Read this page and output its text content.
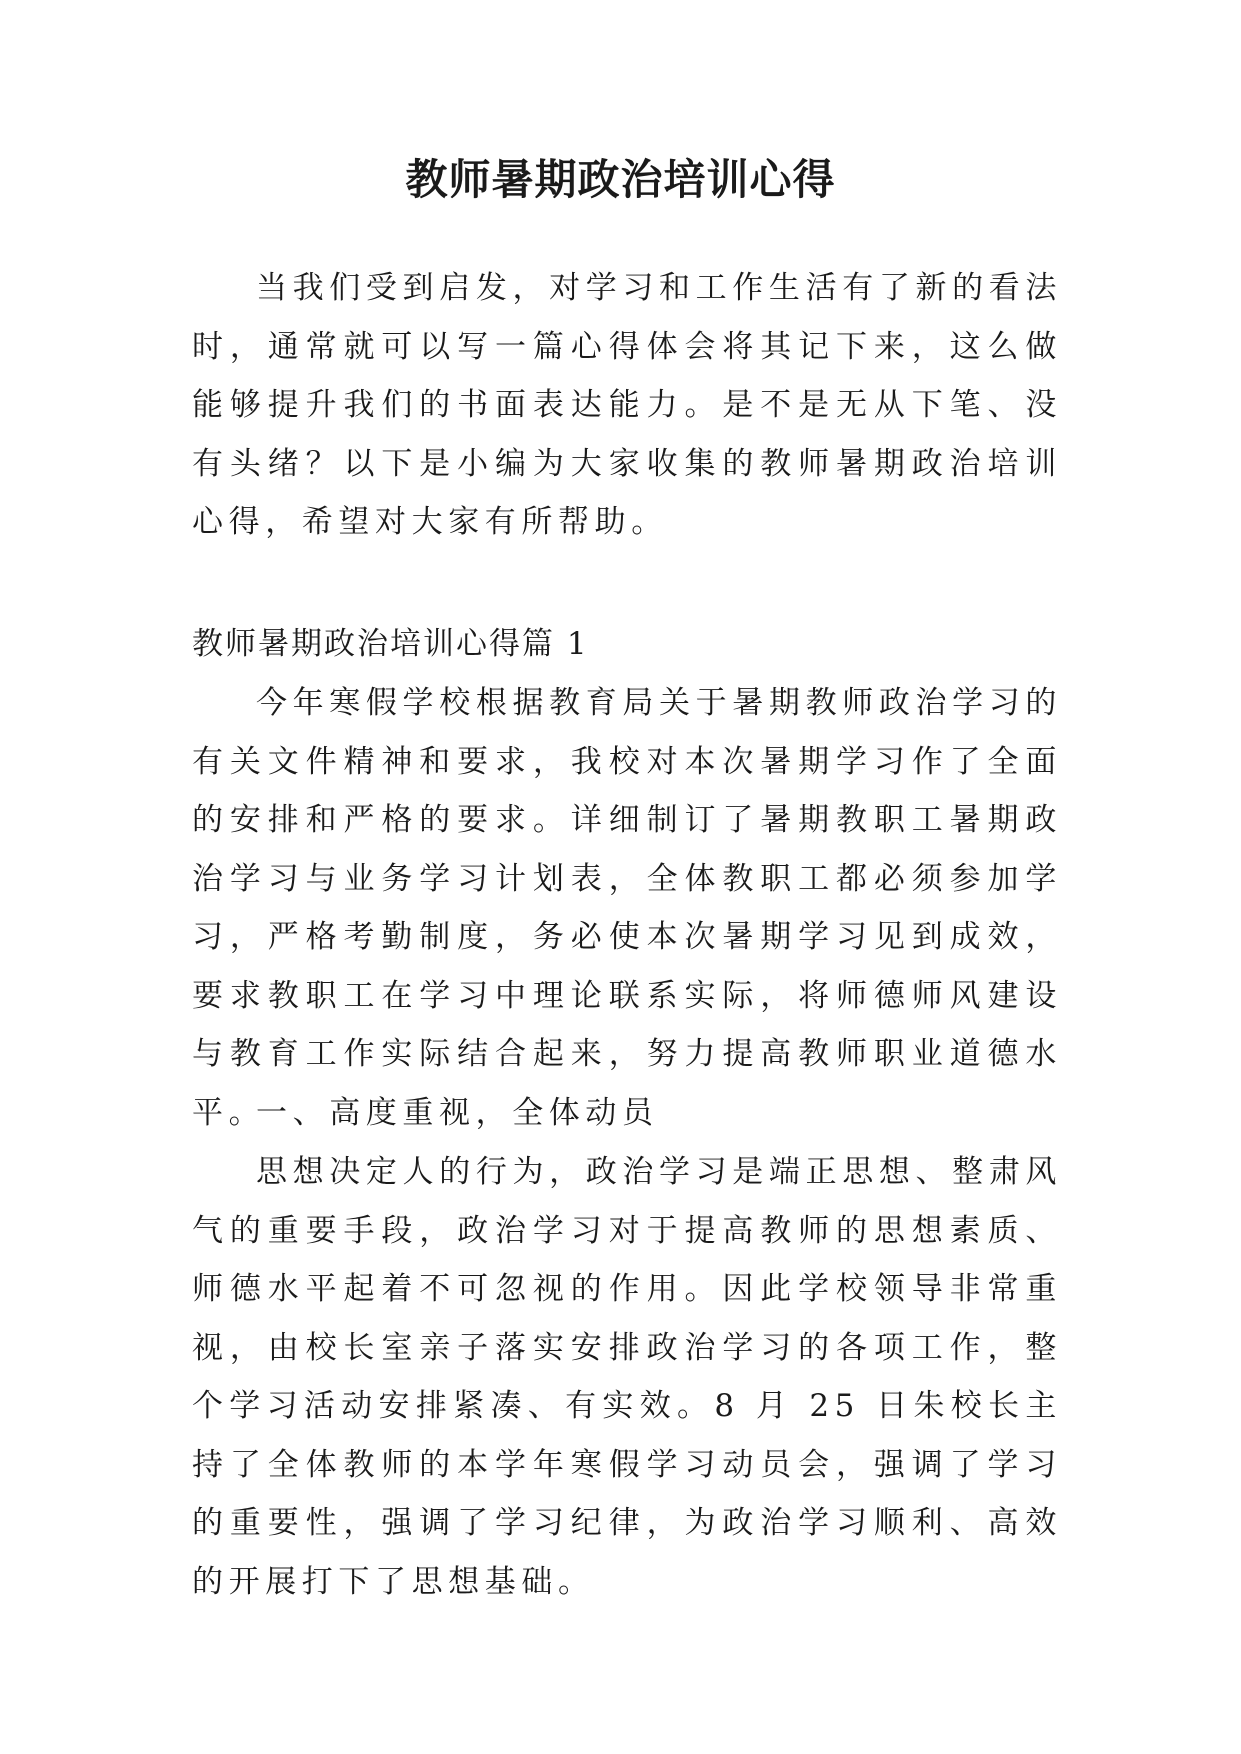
教师暑期政治培训心得

当我们受到启发，对学习和工作生活有了新的看法时，通常就可以写一篇心得体会将其记下来，这么做能够提升我们的书面表达能力。是不是无从下笔、没有头绪？以下是小编为大家收集的教师暑期政治培训心得，希望对大家有所帮助。

教师暑期政治培训心得篇 1

今年寒假学校根据教育局关于暑期教师政治学习的有关文件精神和要求，我校对本次暑期学习作了全面的安排和严格的要求。详细制订了暑期教职工暑期政治学习与业务学习计划表，全体教职工都必须参加学习，严格考勤制度，务必使本次暑期学习见到成效，要求教职工在学习中理论联系实际，将师德师风建设与教育工作实际结合起来，努力提高教师职业道德水平。

一、高度重视，全体动员

思想决定人的行为，政治学习是端正思想、整肃风气的重要手段，政治学习对于提高教师的思想素质、师德水平起着不可忽视的作用。因此学校领导非常重视，由校长室亲子落实安排政治学习的各项工作，整个学习活动安排紧凑、有实效。8 月 25 日朱校长主持了全体教师的本学年寒假学习动员会，强调了学习的重要性，强调了学习纪律，为政治学习顺利、高效的开展打下了思想基础。
